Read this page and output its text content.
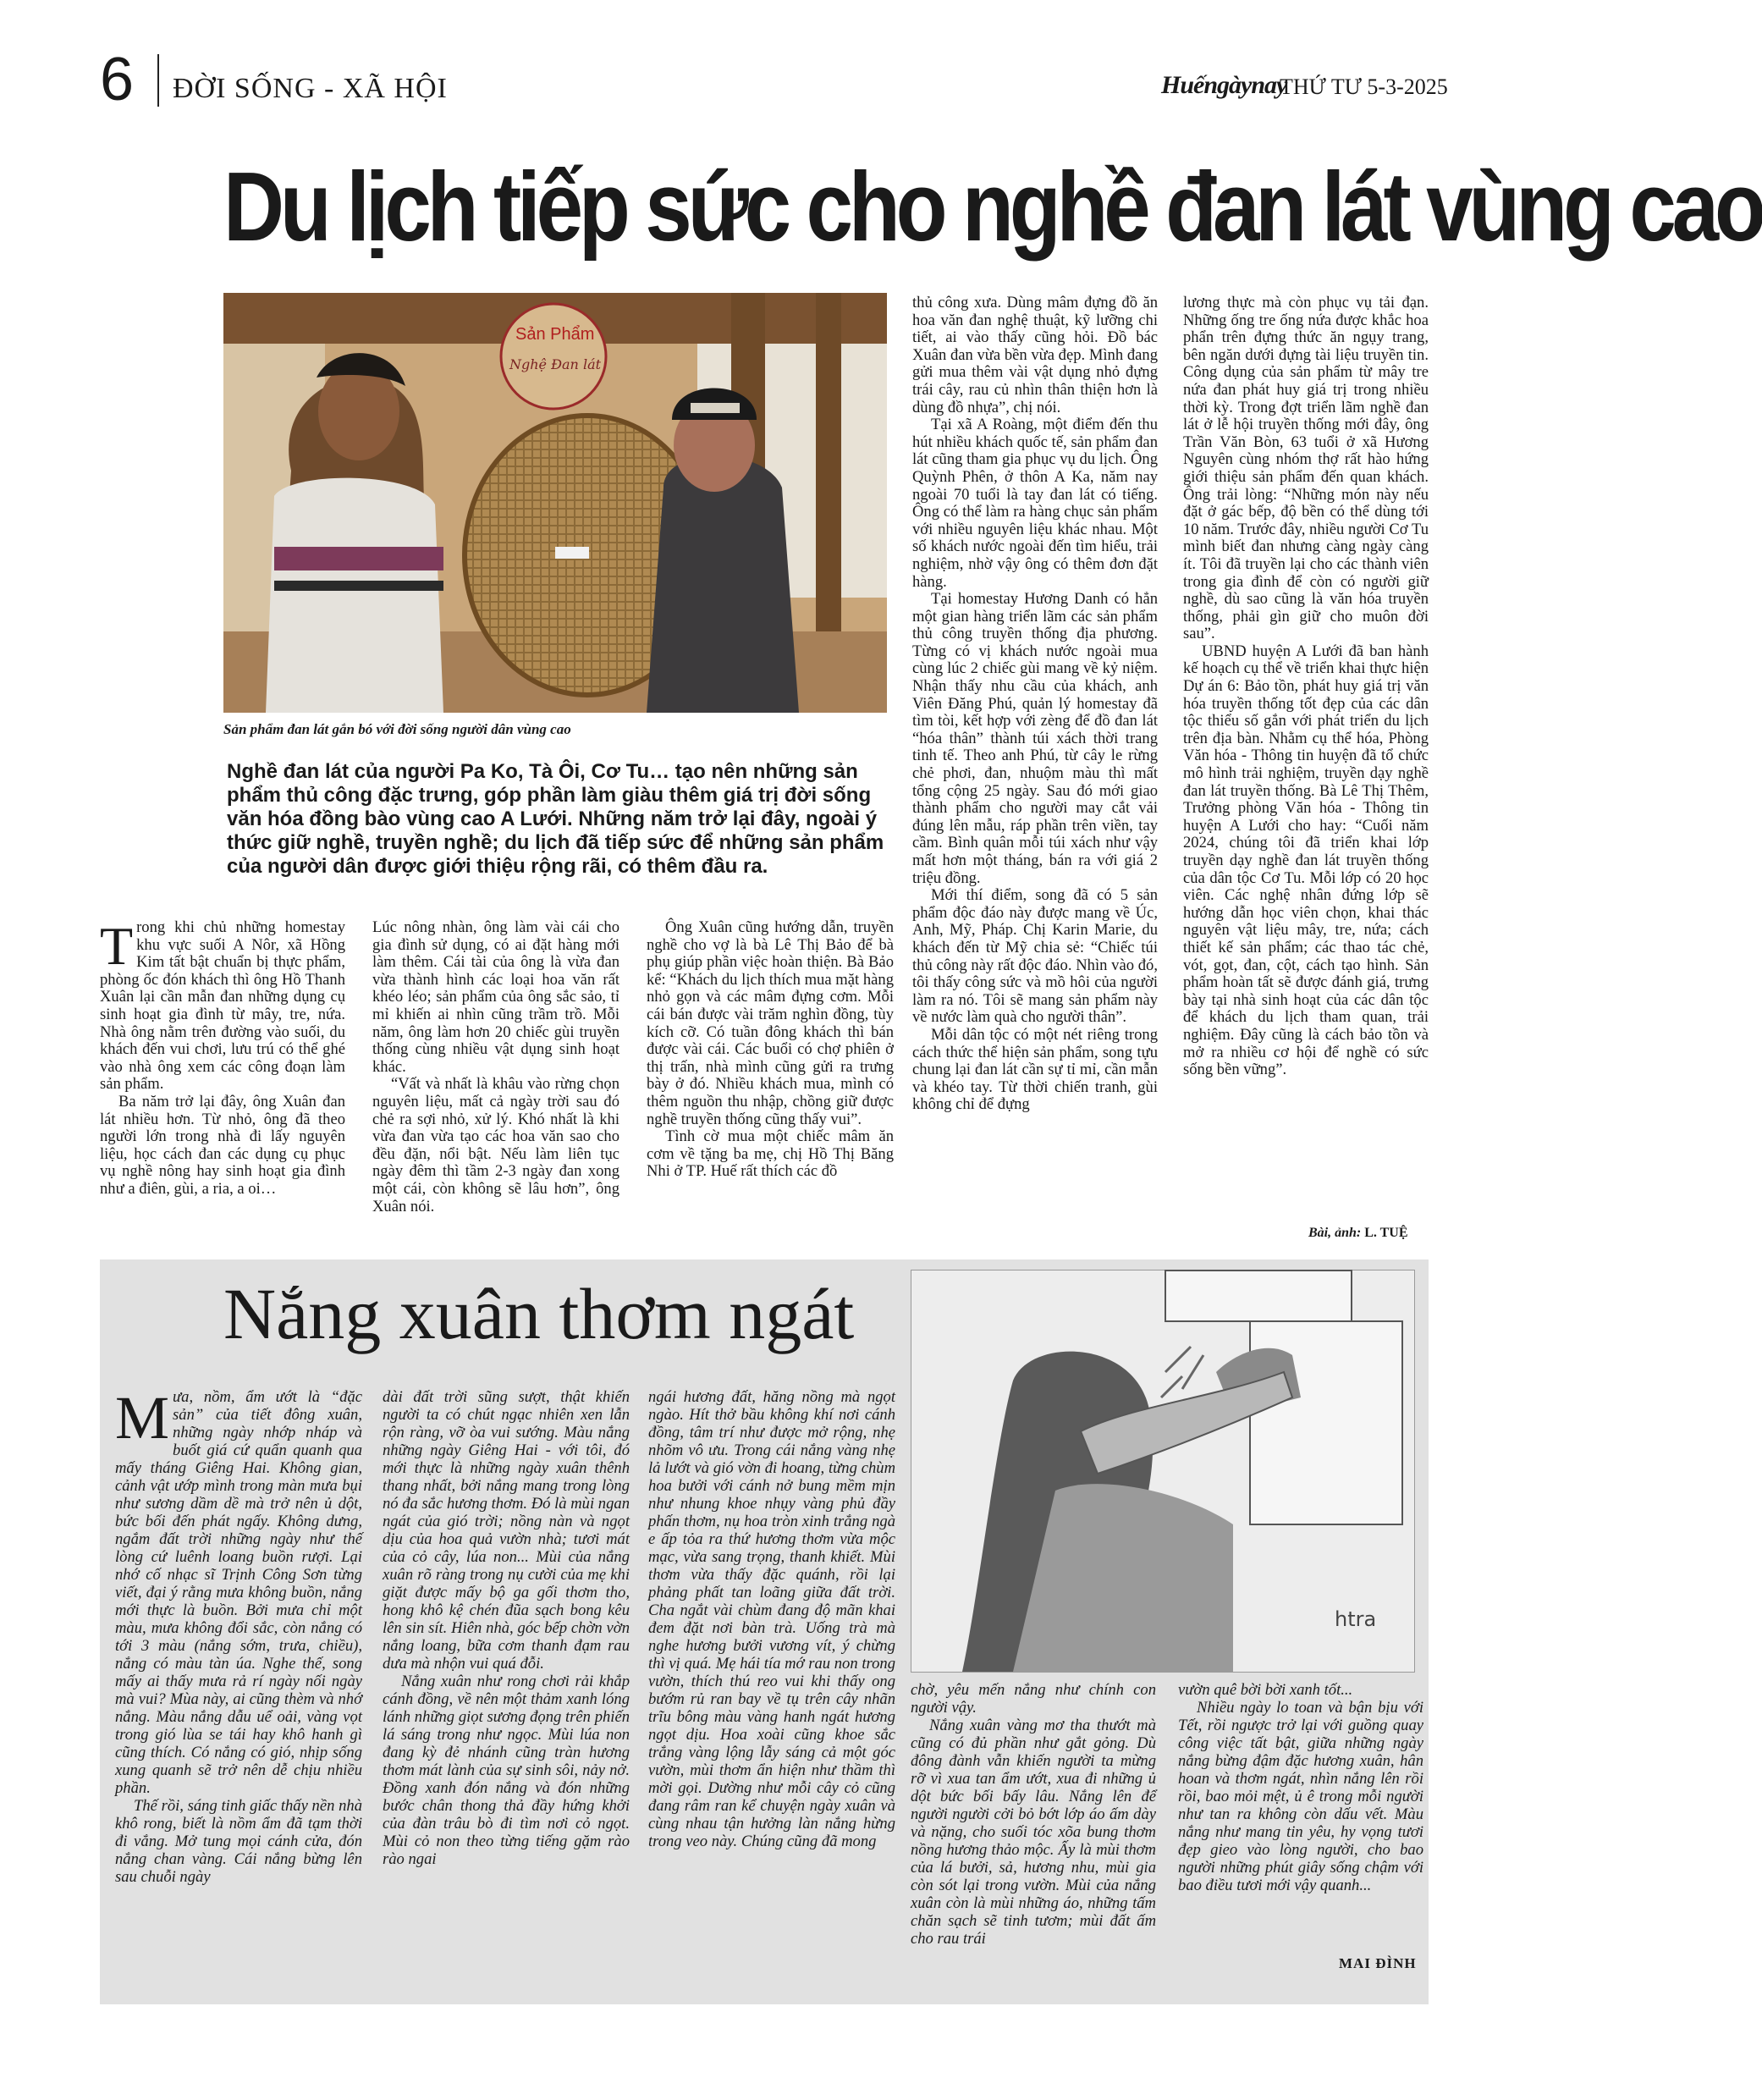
6 ĐỜI SỐNG - XÃ HỘI	Huếngàynay
THỨ TƯ 5-3-2025
Du lịch tiếp sức cho nghề đan lát vùng cao
Sản Phẩm
Nghệ Đan lát
Sản phẩm đan lát gắn bó với đời sống người dân vùng cao
Nghề đan lát của người Pa Ko, Tà Ôi, Cơ Tu… tạo nên những sản phẩm thủ công đặc trưng, góp phần làm giàu thêm giá trị đời sống văn hóa đồng bào vùng cao A Lưới. Những năm trở lại đây, ngoài ý thức giữ nghề, truyền nghề; du lịch đã tiếp sức để những sản phẩm của người dân được giới thiệu rộng rãi, có thêm đầu ra.

Trong khi chủ những homestay khu vực suối A Nôr, xã Hồng Kim tất bật chuẩn bị thực phẩm, phòng ốc đón khách thì ông Hồ Thanh Xuân lại cần mẫn đan những dụng cụ sinh hoạt gia đình từ mây, tre, nứa. Nhà ông nằm trên đường vào suối, du khách đến vui chơi, lưu trú có thể ghé vào nhà ông xem các công đoạn làm sản phẩm.

Ba năm trở lại đây, ông Xuân đan lát nhiều hơn. Từ nhỏ, ông đã theo người lớn trong nhà đi lấy nguyên liệu, học cách đan các dụng cụ phục vụ nghề nông hay sinh hoạt gia đình như a điên, gùi, a ria, a oi…

Lúc nông nhàn, ông làm vài cái cho gia đình sử dụng, có ai đặt hàng mới làm thêm. Cái tài của ông là vừa đan vừa thành hình các loại hoa văn rất khéo léo; sản phẩm của ông sắc sảo, tỉ mỉ khiến ai nhìn cũng trầm trồ. Mỗi năm, ông làm hơn 20 chiếc gùi truyền thống cùng nhiều vật dụng sinh hoạt khác.

“Vất và nhất là khâu vào rừng chọn nguyên liệu, mất cả ngày trời sau đó chẻ ra sợi nhỏ, xử lý. Khó nhất là khi vừa đan vừa tạo các hoa văn sao cho đều đặn, nổi bật. Nếu làm liên tục ngày đêm thì tầm 2-3 ngày đan xong một cái, còn không sẽ lâu hơn”, ông Xuân nói.

Ông Xuân cũng hướng dẫn, truyền nghề cho vợ là bà Lê Thị Bảo để bà phụ giúp phần việc hoàn thiện. Bà Bảo kể: “Khách du lịch thích mua mặt hàng nhỏ gọn và các mâm đựng cơm. Mỗi cái bán được vài trăm nghìn đồng, tùy kích cỡ. Có tuần đông khách thì bán được vài cái. Các buổi có chợ phiên ở thị trấn, nhà mình cũng gửi ra trưng bày ở đó. Nhiều khách mua, mình có thêm nguồn thu nhập, chồng giữ được nghề truyền thống cũng thấy vui”.

Tình cờ mua một chiếc mâm ăn cơm về tặng ba mẹ, chị Hồ Thị Băng Nhi ở TP. Huế rất thích các đồ

thủ công xưa. Dùng mâm đựng đồ ăn hoa văn đan nghệ thuật, kỹ lưỡng chi tiết, ai vào thấy cũng hỏi. Đồ bác Xuân đan vừa bền vừa đẹp. Mình đang gửi mua thêm vài vật dụng nhỏ đựng trái cây, rau củ nhìn thân thiện hơn là dùng đồ nhựa”, chị nói.

Tại xã A Roàng, một điểm đến thu hút nhiều khách quốc tế, sản phẩm đan lát cũng tham gia phục vụ du lịch. Ông Quỳnh Phên, ở thôn A Ka, năm nay ngoài 70 tuổi là tay đan lát có tiếng. Ông có thể làm ra hàng chục sản phẩm với nhiều nguyên liệu khác nhau. Một số khách nước ngoài đến tìm hiểu, trải nghiệm, nhờ vậy ông có thêm đơn đặt hàng.

Tại homestay Hương Danh có hẳn một gian hàng triển lãm các sản phẩm thủ công truyền thống địa phương. Từng có vị khách nước ngoài mua cùng lúc 2 chiếc gùi mang về kỷ niệm. Nhận thấy nhu cầu của khách, anh Viên Đăng Phú, quản lý homestay đã tìm tòi, kết hợp với zèng để đồ đan lát “hóa thân” thành túi xách thời trang tinh tế. Theo anh Phú, từ cây le rừng chẻ phơi, đan, nhuộm màu thì mất tổng cộng 25 ngày. Sau đó mới giao thành phẩm cho người may cắt vải đúng lên mẫu, ráp phần trên viền, tay cầm. Bình quân mỗi túi xách như vậy mất hơn một tháng, bán ra với giá 2 triệu đồng.

Mới thí điểm, song đã có 5 sản phẩm độc đáo này được mang về Úc, Anh, Mỹ, Pháp. Chị Karin Marie, du khách đến từ Mỹ chia sẻ: “Chiếc túi thủ công này rất độc đáo. Nhìn vào đó, tôi thấy công sức và mồ hôi của người làm ra nó. Tôi sẽ mang sản phẩm này về nước làm quà cho người thân”.

Mỗi dân tộc có một nét riêng trong cách thức thể hiện sản phẩm, song tựu chung lại đan lát cần sự tỉ mỉ, cần mẫn và khéo tay. Từ thời chiến tranh, gùi không chỉ để đựng

lương thực mà còn phục vụ tải đạn. Những ống tre ống nứa được khắc hoa phẩn trên đựng thức ăn ngụy trang, bên ngăn dưới đựng tài liệu truyền tin. Công dụng của sản phẩm từ mây tre nứa đan phát huy giá trị trong nhiều thời kỳ. Trong đợt triển lãm nghề đan lát ở lễ hội truyền thống mới đây, ông Trần Văn Bòn, 63 tuổi ở xã Hương Nguyên cùng nhóm thợ rất hào hứng giới thiệu sản phẩm đến quan khách. Ông trải lòng: “Những món này nếu đặt ở gác bếp, độ bền có thể dùng tới 10 năm. Trước đây, nhiều người Cơ Tu mình biết đan nhưng càng ngày càng ít. Tôi đã truyền lại cho các thành viên trong gia đình để còn có người giữ nghề, dù sao cũng là văn hóa truyền thống, phải gìn giữ cho muôn đời sau”.

UBND huyện A Lưới đã ban hành kế hoạch cụ thể về triển khai thực hiện Dự án 6: Bảo tồn, phát huy giá trị văn hóa truyền thống tốt đẹp của các dân tộc thiểu số gắn với phát triển du lịch trên địa bàn. Nhằm cụ thể hóa, Phòng Văn hóa - Thông tin huyện đã tổ chức mô hình trải nghiệm, truyền dạy nghề đan lát truyền thống. Bà Lê Thị Thêm, Trưởng phòng Văn hóa - Thông tin huyện A Lưới cho hay: “Cuối năm 2024, chúng tôi đã triển khai lớp truyền dạy nghề đan lát truyền thống của dân tộc Cơ Tu. Mỗi lớp có 20 học viên. Các nghệ nhân đứng lớp sẽ hướng dẫn học viên chọn, khai thác nguyên vật liệu mây, tre, nứa; cách thiết kế sản phẩm; các thao tác chẻ, vót, gọt, đan, cột, cách tạo hình. Sản phẩm hoàn tất sẽ được đánh giá, trưng bày tại nhà sinh hoạt của các dân tộc để khách du lịch tham quan, trải nghiệm. Đây cũng là cách bảo tồn và mở ra nhiều cơ hội để nghề có sức sống bền vững”.

Bài, ảnh: L. TUỆ
Nắng xuân thơm ngát
htra

Mưa, nồm, ẩm ướt là “đặc sản” của tiết đông xuân, những ngày nhớp nháp và buốt giá cứ quẩn quanh qua mấy tháng Giêng Hai. Không gian, cảnh vật ướp mình trong màn mưa bụi như sương dầm dề mà trở nên ủ dột, bức bối đến phát ngấy. Không dưng, ngắm đất trời những ngày như thế lòng cứ luênh loang buồn rượi. Lại nhớ cố nhạc sĩ Trịnh Công Sơn từng viết, đại ý rằng mưa không buồn, nắng mới thực là buồn. Bởi mưa chỉ một màu, mưa không đổi sắc, còn nắng có tới 3 màu (nắng sớm, trưa, chiều), nắng có màu tàn úa. Nghe thế, song mấy ai thấy mưa rả rí ngày nối ngày mà vui? Mùa này, ai cũng thèm và nhớ nắng. Màu nắng dẫu uể oải, vàng vọt trong gió lùa se tái hay khô hanh gì cũng thích. Có nắng có gió, nhịp sống xung quanh sẽ trở nên dễ chịu nhiều phần.

Thế rồi, sáng tinh giấc thấy nền nhà khô rong, biết là nồm ẩm đã tạm thời đi vắng. Mở tung mọi cánh cửa, đón nắng chan vàng. Cái nắng bừng lên sau chuỗi ngày

dài đất trời sũng sượt, thật khiến người ta có chút ngạc nhiên xen lẫn rộn ràng, vỡ òa vui sướng. Màu nắng những ngày Giêng Hai - với tôi, đó mới thực là những ngày xuân thênh thang nhất, bởi nắng mang trong lòng nó đa sắc hương thơm. Đó là mùi ngan ngát của gió trời; nồng nàn và ngọt dịu của hoa quả vườn nhà; tươi mát của cỏ cây, lúa non... Mùi của nắng xuân rõ ràng trong nụ cười của mẹ khi giặt được mấy bộ ga gối thơm tho, hong khô kệ chén đũa sạch bong kêu lên sin sít. Hiên nhà, góc bếp chờn vờn nắng loang, bữa cơm thanh đạm rau dưa mà nhộn vui quá đỗi.

Nắng xuân như rong chơi rải khắp cánh đồng, về nên một thảm xanh lóng lánh những giọt sương đọng trên phiến lá sáng trong như ngọc. Mùi lúa non đang kỳ đẻ nhánh cũng tràn hương thơm mát lành của sự sinh sôi, nảy nở. Đồng xanh đón nắng và đón những bước chân thong thả đầy hứng khởi của đàn trâu bò đi tìm nơi cỏ ngọt. Mùi cỏ non theo từng tiếng gặm rào rào ngai

ngái hương đất, hăng nồng mà ngọt ngào. Hít thở bầu không khí nơi cánh đồng, tâm trí như được mở rộng, nhẹ nhõm vô ưu. Trong cái nắng vàng nhẹ lả lướt và gió vờn đi hoang, từng chùm hoa bưởi với cánh nở bung mềm mịn như nhung khoe nhụy vàng phủ đầy phấn thơm, nụ hoa tròn xinh trắng ngà e ấp tỏa ra thứ hương thơm vừa mộc mạc, vừa sang trọng, thanh khiết. Mùi thơm vừa thấy đặc quánh, rồi lại phảng phất tan loãng giữa đất trời. Cha ngắt vài chùm đang độ mãn khai đem đặt nơi bàn trà. Uống trà mà nghe hương bưởi vương vít, ý chừng thì vị quá. Mẹ hái tía mớ rau non trong vườn, thích thú reo vui khi thấy ong bướm rủ ran bay về tụ trên cây nhãn trĩu bông màu vàng hanh ngát hương ngọt dịu. Hoa xoài cũng khoe sắc trắng vàng lộng lẫy sáng cả một góc vườn, mùi thơm ẩn hiện như thầm thì mời gọi. Dường như mỗi cây cỏ cũng đang râm ran kể chuyện ngày xuân và cùng nhau tận hưởng làn nắng hừng trong veo này. Chúng cũng đã mong

chờ, yêu mến nắng như chính con người vậy.

Nắng xuân vàng mơ tha thướt mà cũng có đủ phần như gắt gỏng. Dù đông đành vẫn khiến người ta mừng rỡ vì xua tan ẩm ướt, xua đi những ủ dột bức bối bấy lâu. Nắng lên để người người cởi bỏ bớt lớp áo ấm dày và nặng, cho suối tóc xõa bung thơm nồng hương thảo mộc. Ấy là mùi thơm của lá bưởi, sả, hương nhu, mùi gia còn sót lại trong vườn. Mùi của nắng xuân còn là mùi những áo, những tấm chăn sạch sẽ tinh tươm; mùi đất ấm cho rau trái

vườn quê bời bời xanh tốt...

Nhiều ngày lo toan và bận bịu với Tết, rồi ngược trở lại với guồng quay công việc tất bật, giữa những ngày nắng bừng đậm đặc hương xuân, hân hoan và thơm ngát, nhìn nắng lên rồi rồi, bao mỏi mệt, ủ ê trong mỗi người như tan ra không còn dấu vết. Màu nắng như mang tin yêu, hy vọng tươi đẹp gieo vào lòng người, cho bao người những phút giây sống chậm với bao điều tươi mới vậy quanh...

MAI ĐÌNH
